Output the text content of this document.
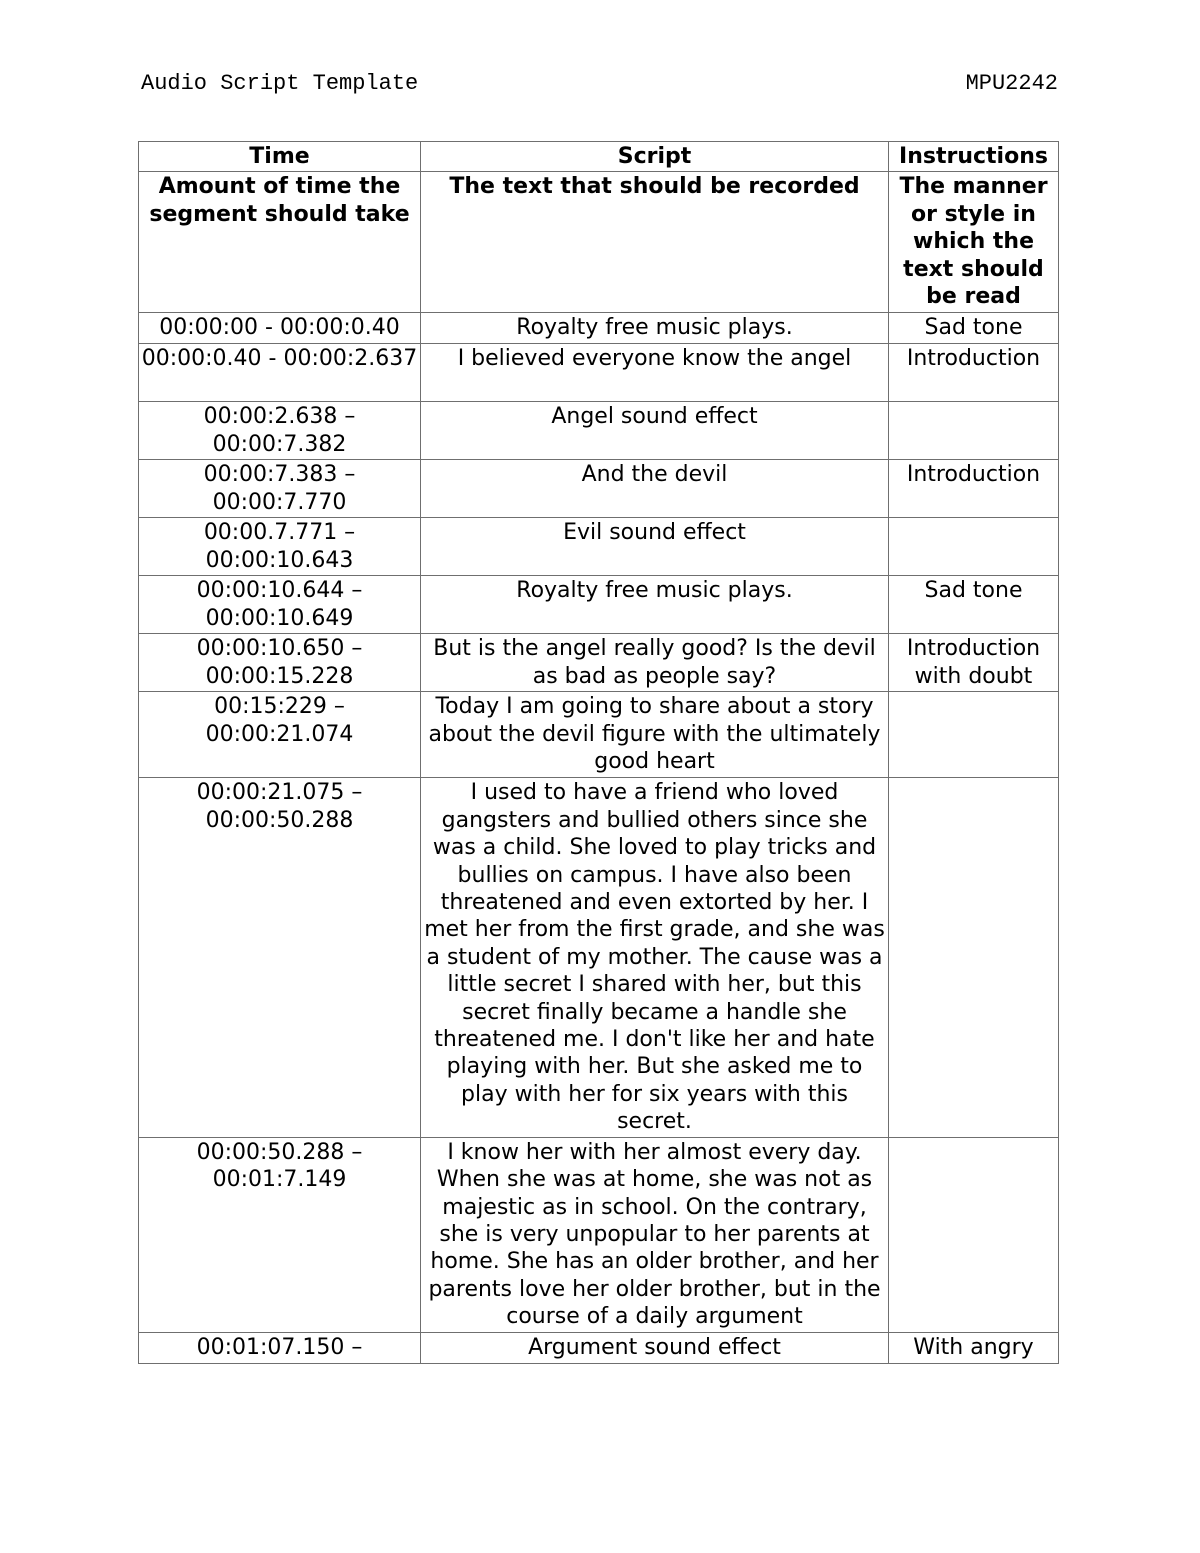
Audio Script Template	MPU2242
Time	Script	Instructions
Amount of time the segment should take	The text that should be recorded	The manner or style in which the text should be read
00:00:00 - 00:00:0.40	Royalty free music plays.	Sad tone
00:00:0.40 - 00:00:2.637	I believed everyone know the angel	Introduction
00:00:2.638 – 00:00:7.382	Angel sound effect	
00:00:7.383 – 00:00:7.770	And the devil	Introduction
00:00.7.771 – 00:00:10.643	Evil sound effect	
00:00:10.644 – 00:00:10.649	Royalty free music plays.	Sad tone
00:00:10.650 – 00:00:15.228	But is the angel really good? Is the devil as bad as people say?	Introduction with doubt
00:15:229 – 00:00:21.074	Today I am going to share about a story about the devil figure with the ultimately good heart	
00:00:21.075 – 00:00:50.288	I used to have a friend who loved gangsters and bullied others since she was a child. She loved to play tricks and bullies on campus. I have also been threatened and even extorted by her. I met her from the first grade, and she was a student of my mother. The cause was a little secret I shared with her, but this secret finally became a handle she threatened me. I don't like her and hate playing with her. But she asked me to play with her for six years with this secret.	
00:00:50.288 – 00:01:7.149	I know her with her almost every day. When she was at home, she was not as majestic as in school. On the contrary, she is very unpopular to her parents at home. She has an older brother, and her parents love her older brother, but in the course of a daily argument	
00:01:07.150 –	Argument sound effect	With angry
